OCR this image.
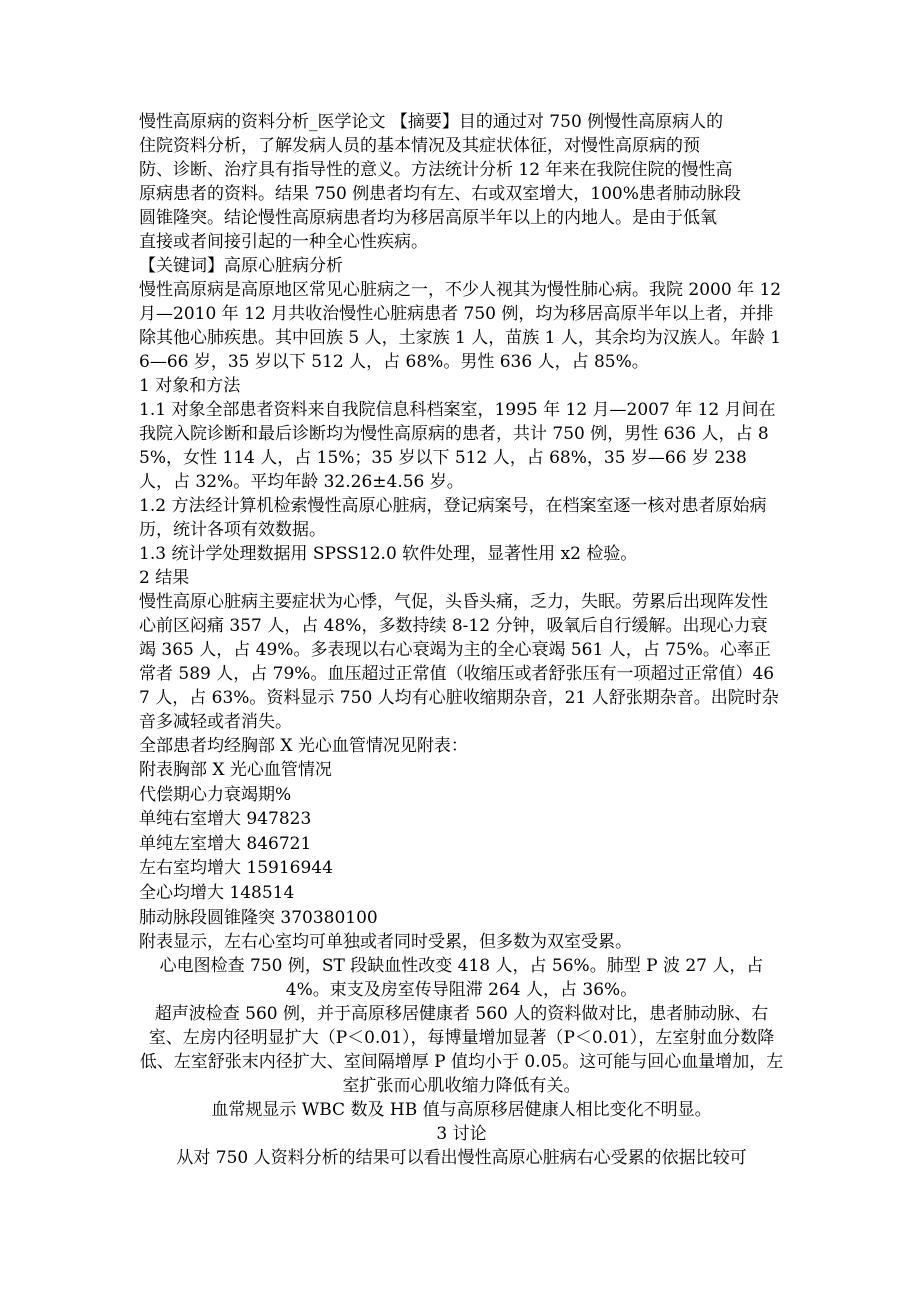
慢性高原病的资料分析_医学论文 【摘要】目的通过对 750 例慢性高原病人的
住院资料分析，了解发病人员的基本情况及其症状体征，对慢性高原病的预
防、诊断、治疗具有指导性的意义。方法统计分析 12 年来在我院住院的慢性高
原病患者的资料。结果 750 例患者均有左、右或双室增大，100%患者肺动脉段
圆锥隆突。结论慢性高原病患者均为移居高原半年以上的内地人。是由于低氧
直接或者间接引起的一种全心性疾病。
【关键词】高原心脏病分析
慢性高原病是高原地区常见心脏病之一，不少人视其为慢性肺心病。我院 2000 年 12 月—2010 年 12 月共收治慢性心脏病患者 750 例，均为移居高原半年以上者，并排除其他心肺疾患。其中回族 5 人，土家族 1 人，苗族 1 人，其余均为汉族人。年龄 16—66 岁，35 岁以下 512 人，占 68%。男性 636 人，占 85%。
1 对象和方法
1.1 对象全部患者资料来自我院信息科档案室，1995 年 12 月—2007 年 12 月间在我院入院诊断和最后诊断均为慢性高原病的患者，共计 750 例，男性 636 人，占 85%，女性 114 人，占 15%；35 岁以下 512 人，占 68%，35 岁—66 岁 238 人，占 32%。平均年龄 32.26±4.56 岁。
1.2 方法经计算机检索慢性高原心脏病，登记病案号，在档案室逐一核对患者原始病历，统计各项有效数据。
1.3 统计学处理数据用 SPSS12.0 软件处理，显著性用 x2 检验。
2 结果
慢性高原心脏病主要症状为心悸，气促，头昏头痛，乏力，失眠。劳累后出现阵发性心前区闷痛 357 人，占 48%，多数持续 8-12 分钟，吸氧后自行缓解。出现心力衰竭 365 人，占 49%。多表现以右心衰竭为主的全心衰竭 561 人，占 75%。心率正常者 589 人，占 79%。血压超过正常值（收缩压或者舒张压有一项超过正常值）467 人，占 63%。资料显示 750 人均有心脏收缩期杂音，21 人舒张期杂音。出院时杂音多减轻或者消失。
全部患者均经胸部 X 光心血管情况见附表：
附表胸部 X 光心血管情况
代偿期心力衰竭期%
单纯右室增大 947823
单纯左室增大 846721
左右室均增大 15916944
全心均增大 148514
肺动脉段圆锥隆突 370380100
附表显示，左右心室均可单独或者同时受累，但多数为双室受累。
心电图检查 750 例，ST 段缺血性改变 418 人，占 56%。肺型 P 波 27 人，占 4%。束支及房室传导阻滞 264 人，占 36%。
超声波检查 560 例，并于高原移居健康者 560 人的资料做对比，患者肺动脉、右室、左房内径明显扩大（P＜0.01），每博量增加显著（P＜0.01），左室射血分数降低、左室舒张末内径扩大、室间隔增厚 P 值均小于 0.05。这可能与回心血量增加，左室扩张而心肌收缩力降低有关。
血常规显示 WBC 数及 HB 值与高原移居健康人相比变化不明显。
3 讨论
从对 750 人资料分析的结果可以看出慢性高原心脏病右心受累的依据比较可
